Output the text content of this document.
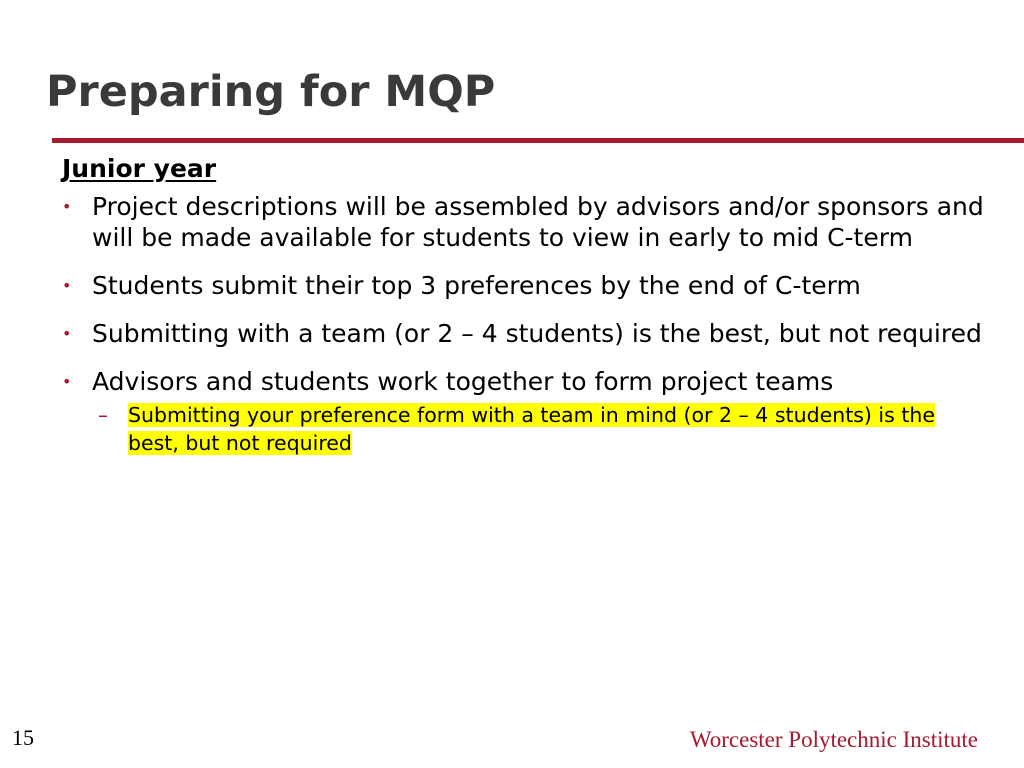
Preparing for MQP
Junior year
• Project descriptions will be assembled by advisors and/or sponsors and will be made available for students to view in early to mid C-term
• Students submit their top 3 preferences by the end of C-term
• Submitting with a team (or 2 – 4 students) is the best, but not required
• Advisors and students work together to form project teams
– Submitting your preference form with a team in mind (or 2 – 4 students) is the best, but not required
15	Worcester Polytechnic Institute
